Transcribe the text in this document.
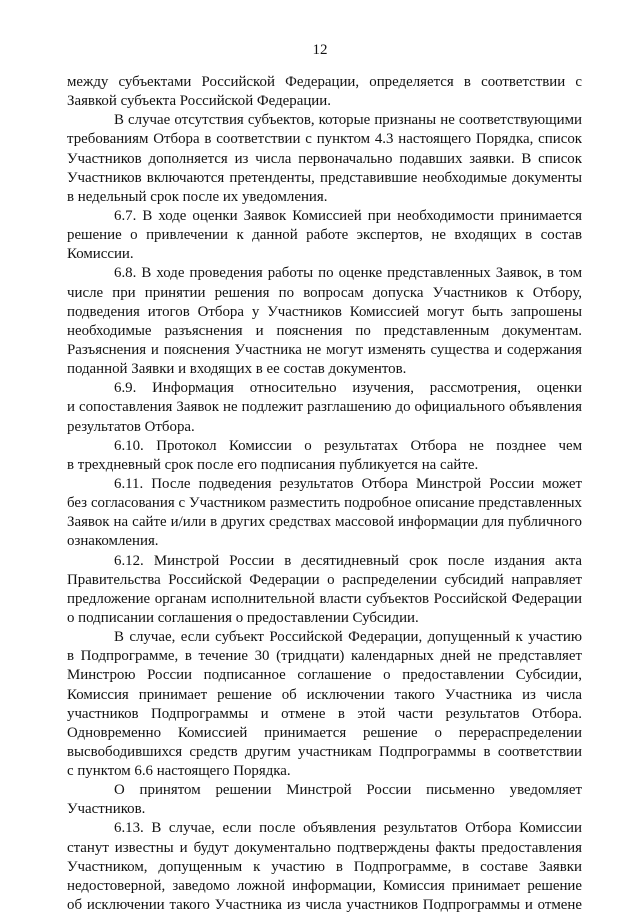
12
между субъектами Российской Федерации, определяется в соответствии с
Заявкой субъекта Российской Федерации.
В случае отсутствия субъектов, которые признаны не соответствующими
требованиям Отбора в соответствии с пунктом 4.3 настоящего Порядка, список
Участников дополняется из числа первоначально подавших заявки. В список
Участников включаются претенденты, представившие необходимые документы
в недельный срок после их уведомления.
6.7. В ходе оценки Заявок Комиссией при необходимости принимается
решение о привлечении к данной работе экспертов, не входящих в состав
Комиссии.
6.8. В ходе проведения работы по оценке представленных Заявок, в том
числе при принятии решения по вопросам допуска Участников к Отбору,
подведения итогов Отбора у Участников Комиссией могут быть запрошены
необходимые разъяснения и пояснения по представленным документам.
Разъяснения и пояснения Участника не могут изменять существа и содержания
поданной Заявки и входящих в ее состав документов.
6.9. Информация относительно изучения, рассмотрения, оценки
и сопоставления Заявок не подлежит разглашению до официального объявления
результатов Отбора.
6.10. Протокол Комиссии о результатах Отбора не позднее чем
в трехдневный срок после его подписания публикуется на сайте.
6.11. После подведения результатов Отбора Минстрой России может
без согласования с Участником разместить подробное описание представленных
Заявок на сайте и/или в других средствах массовой информации для публичного
ознакомления.
6.12. Минстрой России в десятидневный срок после издания акта
Правительства Российской Федерации о распределении субсидий направляет
предложение органам исполнительной власти субъектов Российской Федерации
о подписании соглашения о предоставлении Субсидии.
В случае, если субъект Российской Федерации, допущенный к участию
в Подпрограмме, в течение 30 (тридцати) календарных дней не представляет
Минстрою России подписанное соглашение о предоставлении Субсидии,
Комиссия принимает решение об исключении такого Участника из числа
участников Подпрограммы и отмене в этой части результатов Отбора.
Одновременно Комиссией принимается решение о перераспределении
высвободившихся средств другим участникам Подпрограммы в соответствии
с пунктом 6.6 настоящего Порядка.
О принятом решении Минстрой России письменно уведомляет
Участников.
6.13. В случае, если после объявления результатов Отбора Комиссии
станут известны и будут документально подтверждены факты предоставления
Участником, допущенным к участию в Подпрограмме, в составе Заявки
недостоверной, заведомо ложной информации, Комиссия принимает решение
об исключении такого Участника из числа участников Подпрограммы и отмене
